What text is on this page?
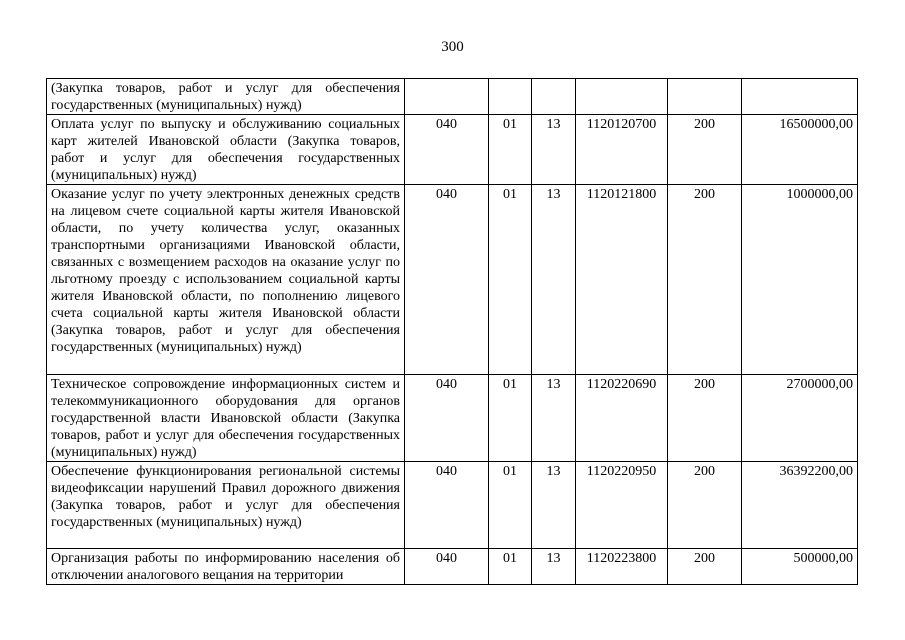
300
(Закупка товаров, работ и услуг для обеспечения государственных (муниципальных) нужд)						
Оплата услуг по выпуску и обслуживанию социальных карт жителей Ивановской области (Закупка товаров, работ и услуг для обеспечения государственных (муниципальных) нужд)	040	01	13	1120120700	200	16500000,00
Оказание услуг по учету электронных денежных средств на лицевом счете социальной карты жителя Ивановской области, по учету количества услуг, оказанных транспортными организациями Ивановской области, связанных с возмещением расходов на оказание услуг по льготному проезду с использованием социальной карты жителя Ивановской области, по пополнению лицевого счета социальной карты жителя Ивановской области (Закупка товаров, работ и услуг для обеспечения государственных (муниципальных) нужд)	040	01	13	1120121800	200	1000000,00
Техническое сопровождение информационных систем и телекоммуникационного оборудования для органов государственной власти Ивановской области (Закупка товаров, работ и услуг для обеспечения государственных (муниципальных) нужд)	040	01	13	1120220690	200	2700000,00
Обеспечение функционирования региональной системы видеофиксации нарушений Правил дорожного движения (Закупка товаров, работ и услуг для обеспечения государственных (муниципальных) нужд)	040	01	13	1120220950	200	36392200,00
Организация работы по информированию населения об отключении аналогового вещания на территории	040	01	13	1120223800	200	500000,00
